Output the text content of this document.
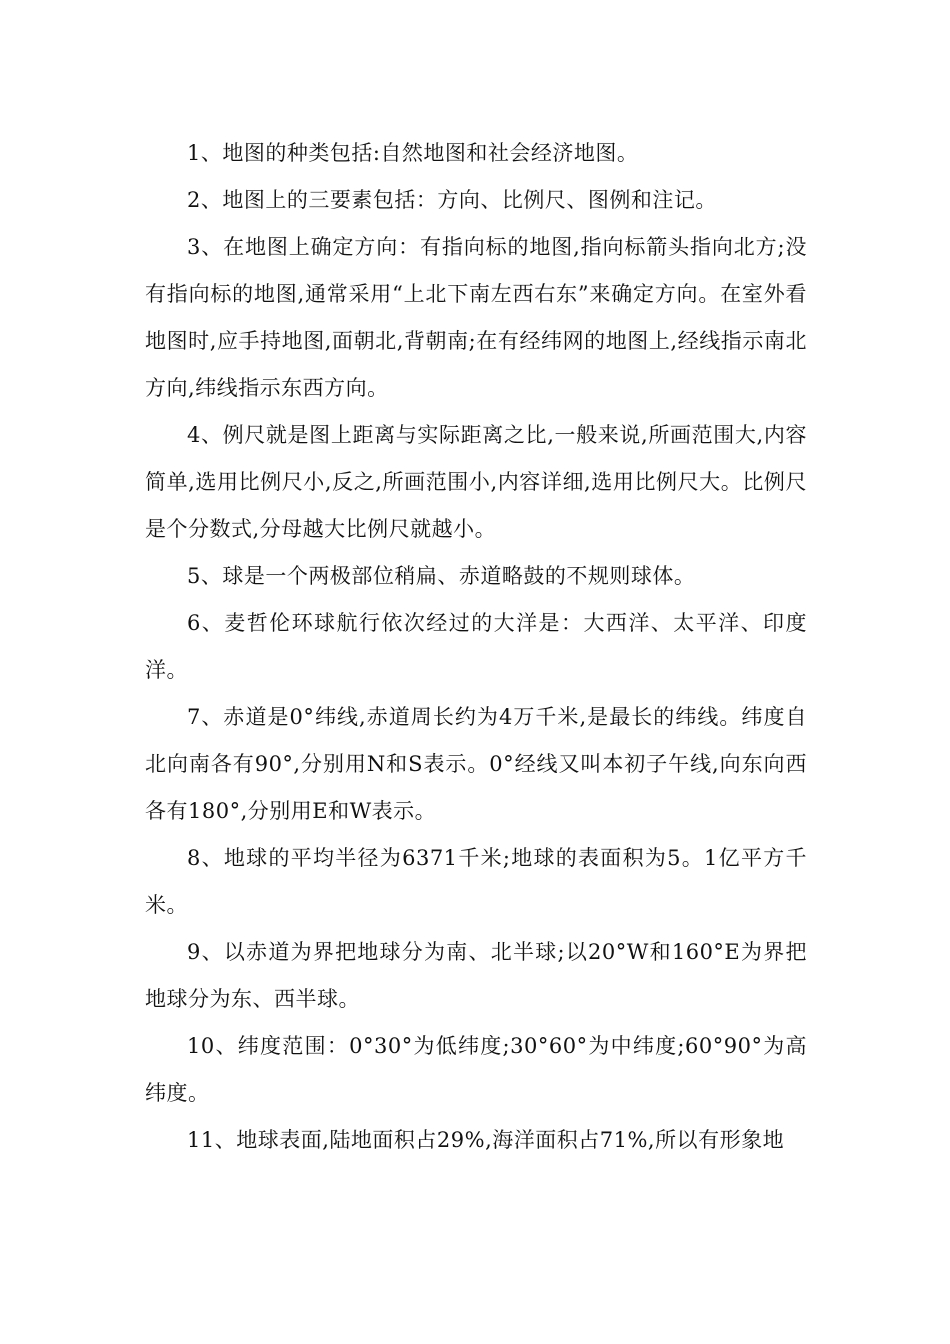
1、地图的种类包括:自然地图和社会经济地图。

2、地图上的三要素包括：方向、比例尺、图例和注记。

3、在地图上确定方向：有指向标的地图,指向标箭头指向北方;没有指向标的地图,通常采用“上北下南左西右东”来确定方向。在室外看地图时,应手持地图,面朝北,背朝南;在有经纬网的地图上,经线指示南北方向,纬线指示东西方向。

4、例尺就是图上距离与实际距离之比,一般来说,所画范围大,内容简单,选用比例尺小,反之,所画范围小,内容详细,选用比例尺大。比例尺是个分数式,分母越大比例尺就越小。

5、球是一个两极部位稍扁、赤道略鼓的不规则球体。

6、麦哲伦环球航行依次经过的大洋是：大西洋、太平洋、印度洋。

7、赤道是0°纬线,赤道周长约为4万千米,是最长的纬线。纬度自北向南各有90°,分别用N和S表示。0°经线又叫本初子午线,向东向西各有180°,分别用E和W表示。

8、地球的平均半径为6371千米;地球的表面积为5。1亿平方千米。

9、以赤道为界把地球分为南、北半球;以20°W和160°E为界把地球分为东、西半球。

10、纬度范围：0°30°为低纬度;30°60°为中纬度;60°90°为高纬度。

11、地球表面,陆地面积占29%,海洋面积占71%,所以有形象地
